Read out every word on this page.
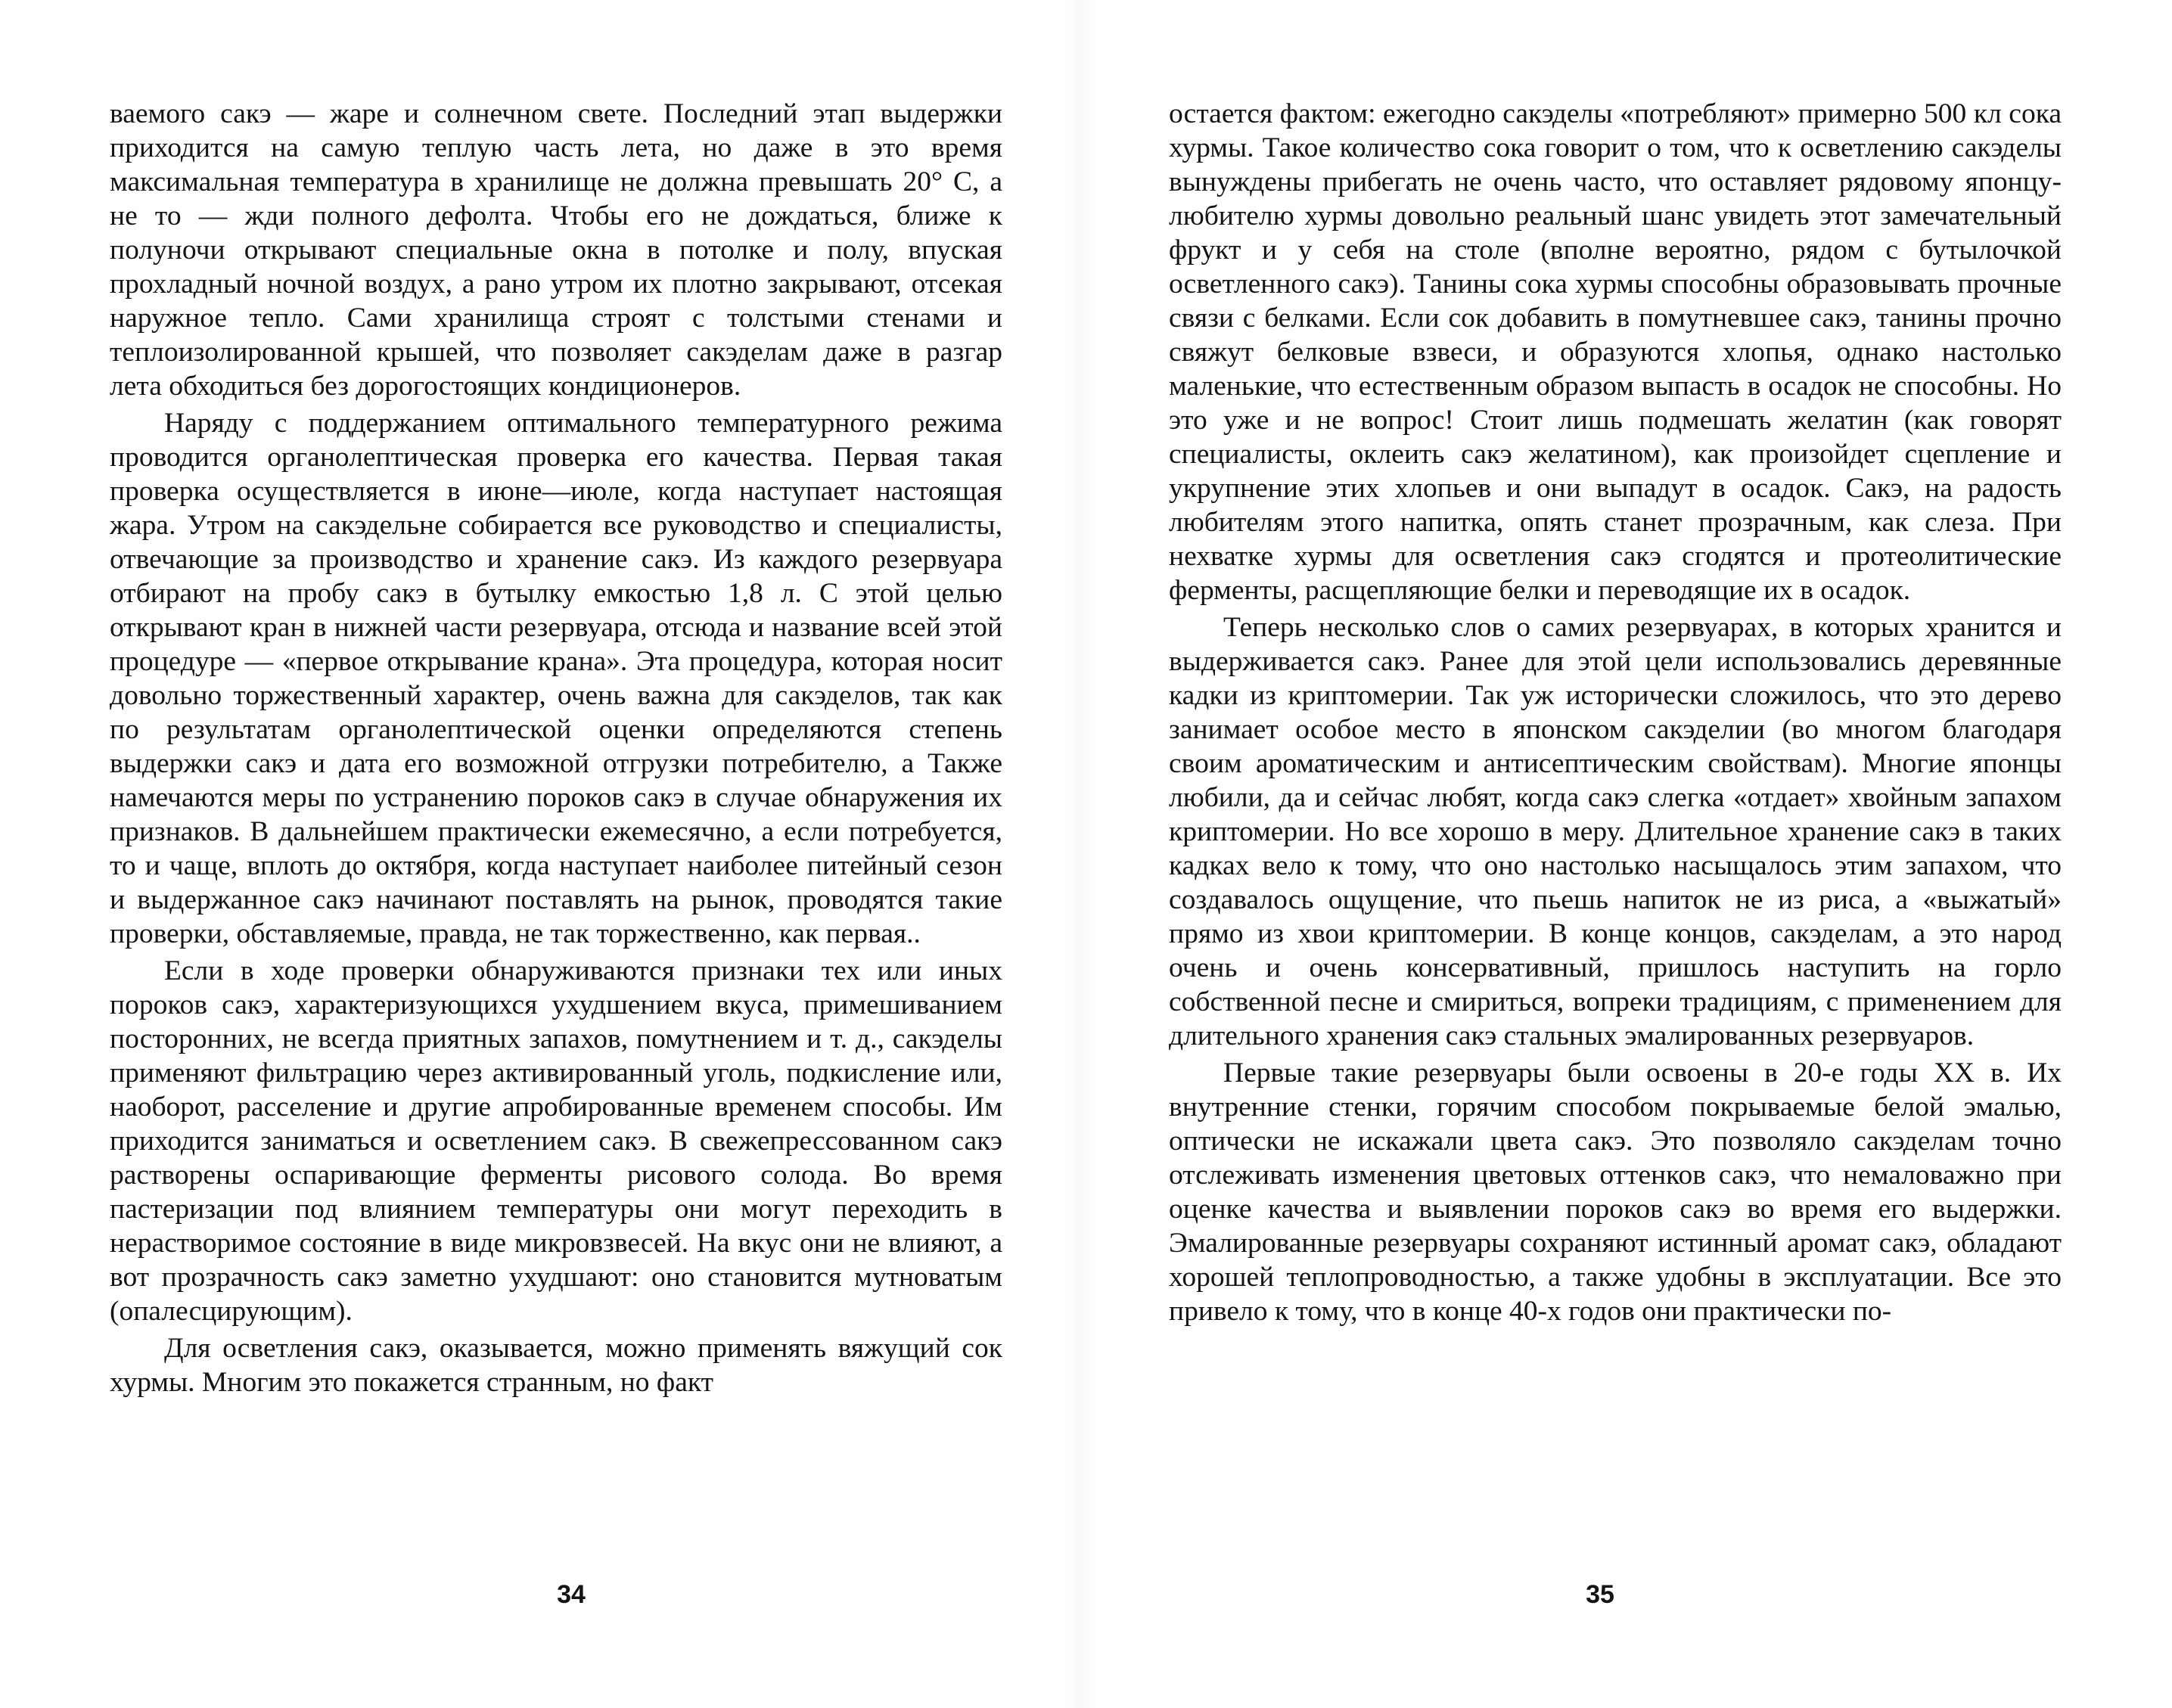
ваемого сакэ — жаре и солнечном свете. Последний этап выдержки приходится на самую теплую часть лета, но даже в это время максимальная температура в хранилище не должна превышать 20° С, а не то — жди полного дефолта. Чтобы его не дождаться, ближе к полуночи открывают специальные окна в потолке и полу, впуская прохладный ночной воздух, а рано утром их плотно закрывают, отсекая наружное тепло. Сами хранилища строят с толстыми стенами и теплоизолированной крышей, что позволяет сакэделам даже в разгар лета обходиться без дорогостоящих кондиционеров.

Наряду с поддержанием оптимального температурного режима проводится органолептическая проверка его качества. Первая такая проверка осуществляется в июне—июле, когда наступает настоящая жара. Утром на сакэдельне собирается все руководство и специалисты, отвечающие за производство и хранение сакэ. Из каждого резервуара отбирают на пробу сакэ в бутылку емкостью 1,8 л. С этой целью открывают кран в нижней части резервуара, отсюда и название всей этой процедуре — «первое открывание крана». Эта процедура, которая носит довольно торжественный характер, очень важна для сакэделов, так как по результатам органолептической оценки определяются степень выдержки сакэ и дата его возможной отгрузки потребителю, а Также намечаются меры по устранению пороков сакэ в случае обнаружения их признаков. В дальнейшем практически ежемесячно, а если потребуется, то и чаще, вплоть до октября, когда наступает наиболее питейный сезон и выдержанное сакэ начинают поставлять на рынок, проводятся такие проверки, обставляемые, правда, не так торжественно, как первая..

Если в ходе проверки обнаруживаются признаки тех или иных пороков сакэ, характеризующихся ухудшением вкуса, примешиванием посторонних, не всегда приятных запахов, помутнением и т. д., сакэделы применяют фильтрацию через активированный уголь, подкисление или, наоборот, расселение и другие апробированные временем способы. Им приходится заниматься и осветлением сакэ. В свежепрессованном сакэ растворены оспаривающие ферменты рисового солода. Во время пастеризации под влиянием температуры они могут переходить в нерастворимое состояние в виде микровзвесей. На вкус они не влияют, а вот прозрачность сакэ заметно ухудшают: оно становится мутноватым (опалесцирующим).

Для осветления сакэ, оказывается, можно применять вяжущий сок хурмы. Многим это покажется странным, но факт

остается фактом: ежегодно сакэделы «потребляют» примерно 500 кл сока хурмы. Такое количество сока говорит о том, что к осветлению сакэделы вынуждены прибегать не очень часто, что оставляет рядовому японцу-любителю хурмы довольно реальный шанс увидеть этот замечательный фрукт и у себя на столе (вполне вероятно, рядом с бутылочкой осветленного сакэ). Танины сока хурмы способны образовывать прочные связи с белками. Если сок добавить в помутневшее сакэ, танины прочно свяжут белковые взвеси, и образуются хлопья, однако настолько маленькие, что естественным образом выпасть в осадок не способны. Но это уже и не вопрос! Стоит лишь подмешать желатин (как говорят специалисты, оклеить сакэ желатином), как произойдет сцепление и укрупнение этих хлопьев и они выпадут в осадок. Сакэ, на радость любителям этого напитка, опять станет прозрачным, как слеза. При нехватке хурмы для осветления сакэ сгодятся и протеолитические ферменты, расщепляющие белки и переводящие их в осадок.

Теперь несколько слов о самих резервуарах, в которых хранится и выдерживается сакэ. Ранее для этой цели использовались деревянные кадки из криптомерии. Так уж исторически сложилось, что это дерево занимает особое место в японском сакэделии (во многом благодаря своим ароматическим и антисептическим свойствам). Многие японцы любили, да и сейчас любят, когда сакэ слегка «отдает» хвойным запахом криптомерии. Но все хорошо в меру. Длительное хранение сакэ в таких кадках вело к тому, что оно настолько насыщалось этим запахом, что создавалось ощущение, что пьешь напиток не из риса, а «выжатый» прямо из хвои криптомерии. В конце концов, сакэделам, а это народ очень и очень консервативный, пришлось наступить на горло собственной песне и смириться, вопреки традициям, с применением для длительного хранения сакэ стальных эмалированных резервуаров.

Первые такие резервуары были освоены в 20-е годы XX в. Их внутренние стенки, горячим способом покрываемые белой эмалью, оптически не искажали цвета сакэ. Это позволяло сакэделам точно отслеживать изменения цветовых оттенков сакэ, что немаловажно при оценке качества и выявлении пороков сакэ во время его выдержки. Эмалированные резервуары сохраняют истинный аромат сакэ, обладают хорошей теплопроводностью, а также удобны в эксплуатации. Все это привело к тому, что в конце 40-х годов они практически по-

34	35
